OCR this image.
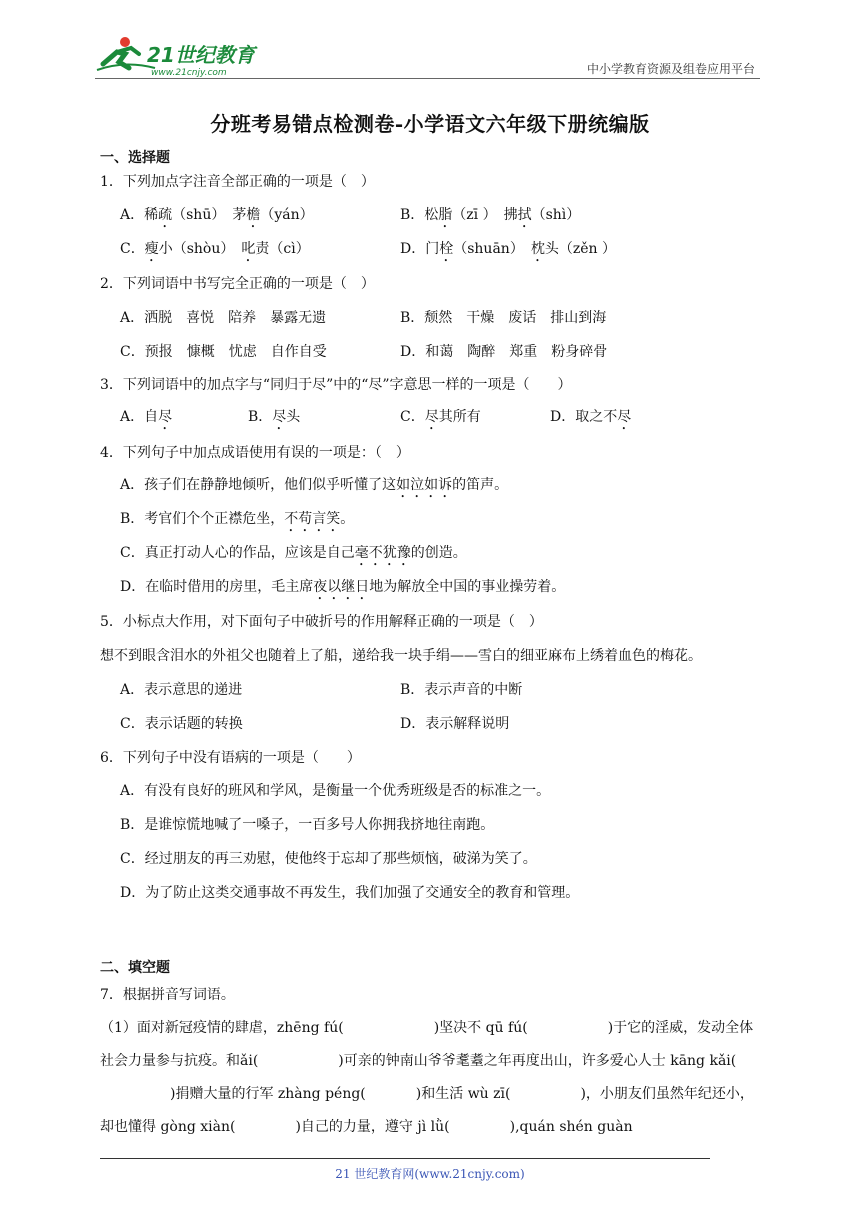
21世纪教育
www.21cnjy.com	中小学教育资源及组卷应用平台
分班考易错点检测卷-小学语文六年级下册统编版
一、选择题
1．下列加点字注音全部正确的一项是（　）
A．稀疏（shū）　茅檐（yán）	B．松脂（zī ）　拂拭（shì）
C．瘦小（shòu）　叱责（cì）	D．门栓（shuān）　枕头（zěn ）
2．下列词语中书写完全正确的一项是（　）
A．洒脱　喜悦　陪养　暴露无遗	B．颓然　干燥　废话　排山到海
C．预报　慷概　忧虑　自作自受	D．和蔼　陶醉　郑重　粉身碎骨
3．下列词语中的加点字与“同归于尽”中的“尽”字意思一样的一项是（　　）
A．自尽	B．尽头	C．尽其所有	D．取之不尽
4．下列句子中加点成语使用有误的一项是：（　）
A．孩子们在静静地倾听，他们似乎听懂了这如泣如诉的笛声。
B．考官们个个正襟危坐，不苟言笑。
C．真正打动人心的作品，应该是自己毫不犹豫的创造。
D．在临时借用的房里，毛主席夜以继日地为解放全中国的事业操劳着。
5．小标点大作用，对下面句子中破折号的作用解释正确的一项是（　）
想不到眼含泪水的外祖父也随着上了船，递给我一块手绢——雪白的细亚麻布上绣着血色的梅花。
A．表示意思的递进	B．表示声音的中断
C．表示话题的转换	D．表示解释说明
6．下列句子中没有语病的一项是（　　）
A．有没有良好的班风和学风，是衡量一个优秀班级是否的标准之一。
B．是谁惊慌地喊了一嗓子，一百多号人你拥我挤地往南跑。
C．经过朋友的再三劝慰，使他终于忘却了那些烦恼，破涕为笑了。
D．为了防止这类交通事故不再发生，我们加强了交通安全的教育和管理。
二、填空题
7．根据拼音写词语。
（1）面对新冠疫情的肆虐，zhēng fú(	)坚决不 qū fú(	)于它的淫威，发动全体社会力量参与抗疫。和ǎi(	)可亲的钟南山爷爷耄耋之年再度出山，许多爱心人士 kāng kǎi()捐赠大量的行军 zhàng péng(	)和生活 wù zī(	)，小朋友们虽然年纪还小，却也懂得 gòng xiàn(	)自己的力量，遵守 jì lǜ(	),quán shén guàn
21 世纪教育网(www.21cnjy.com)
